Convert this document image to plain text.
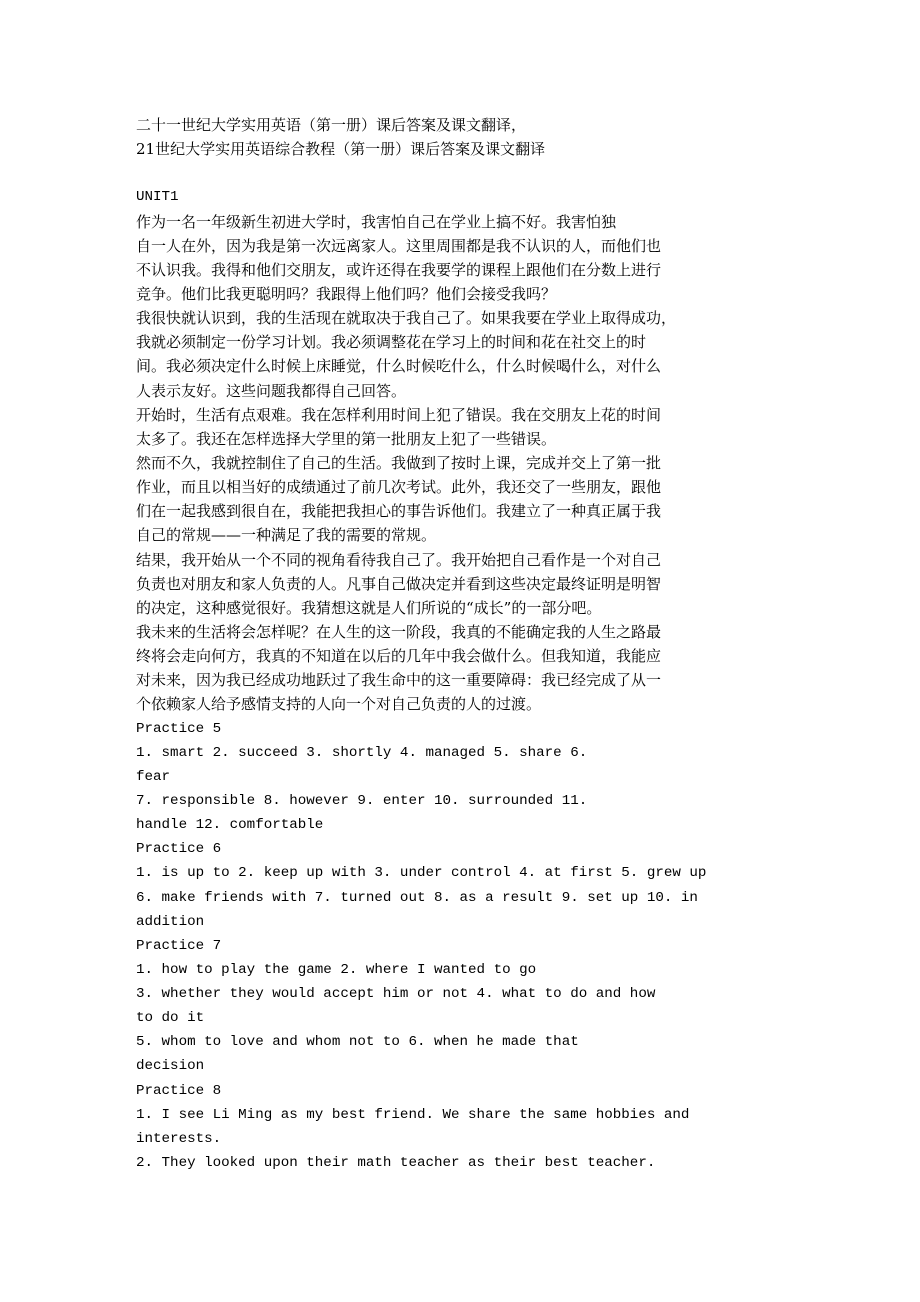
二十一世纪大学实用英语（第一册）课后答案及课文翻译，
21世纪大学实用英语综合教程（第一册）课后答案及课文翻译
UNIT1
作为一名一年级新生初进大学时，我害怕自己在学业上搞不好。我害怕独
自一人在外，因为我是第一次远离家人。这里周围都是我不认识的人，而他们也
不认识我。我得和他们交朋友，或许还得在我要学的课程上跟他们在分数上进行
竞争。他们比我更聪明吗？我跟得上他们吗？他们会接受我吗？
我很快就认识到，我的生活现在就取决于我自己了。如果我要在学业上取得成功，
我就必须制定一份学习计划。我必须调整花在学习上的时间和花在社交上的时
间。我必须决定什么时候上床睡觉，什么时候吃什么，什么时候喝什么，对什么
人表示友好。这些问题我都得自己回答。
开始时，生活有点艰难。我在怎样利用时间上犯了错误。我在交朋友上花的时间
太多了。我还在怎样选择大学里的第一批朋友上犯了一些错误。
然而不久，我就控制住了自己的生活。我做到了按时上课，完成并交上了第一批
作业，而且以相当好的成绩通过了前几次考试。此外，我还交了一些朋友，跟他
们在一起我感到很自在，我能把我担心的事告诉他们。我建立了一种真正属于我
自己的常规——一种满足了我的需要的常规。
结果，我开始从一个不同的视角看待我自己了。我开始把自己看作是一个对自己
负责也对朋友和家人负责的人。凡事自己做决定并看到这些决定最终证明是明智
的决定，这种感觉很好。我猜想这就是人们所说的“成长”的一部分吧。
我未来的生活将会怎样呢？在人生的这一阶段，我真的不能确定我的人生之路最
终将会走向何方，我真的不知道在以后的几年中我会做什么。但我知道，我能应
对未来，因为我已经成功地跃过了我生命中的这一重要障碍：我已经完成了从一
个依赖家人给予感情支持的人向一个对自己负责的人的过渡。
Practice 5
1. smart 2. succeed 3. shortly 4. managed 5. share 6.
fear
7. responsible 8. however 9. enter 10. surrounded 11.
handle 12. comfortable
Practice 6
1. is up to 2. keep up with 3. under control 4. at first 5. grew up
6. make friends with 7. turned out 8. as a result 9. set up 10. in
addition
Practice 7
1. how to play the game 2. where I wanted to go
3. whether they would accept him or not 4. what to do and how
to do it
5. whom to love and whom not to 6. when he made that
decision
Practice 8
1. I see Li Ming as my best friend. We share the same hobbies and
interests.
2. They looked upon their math teacher as their best teacher.
